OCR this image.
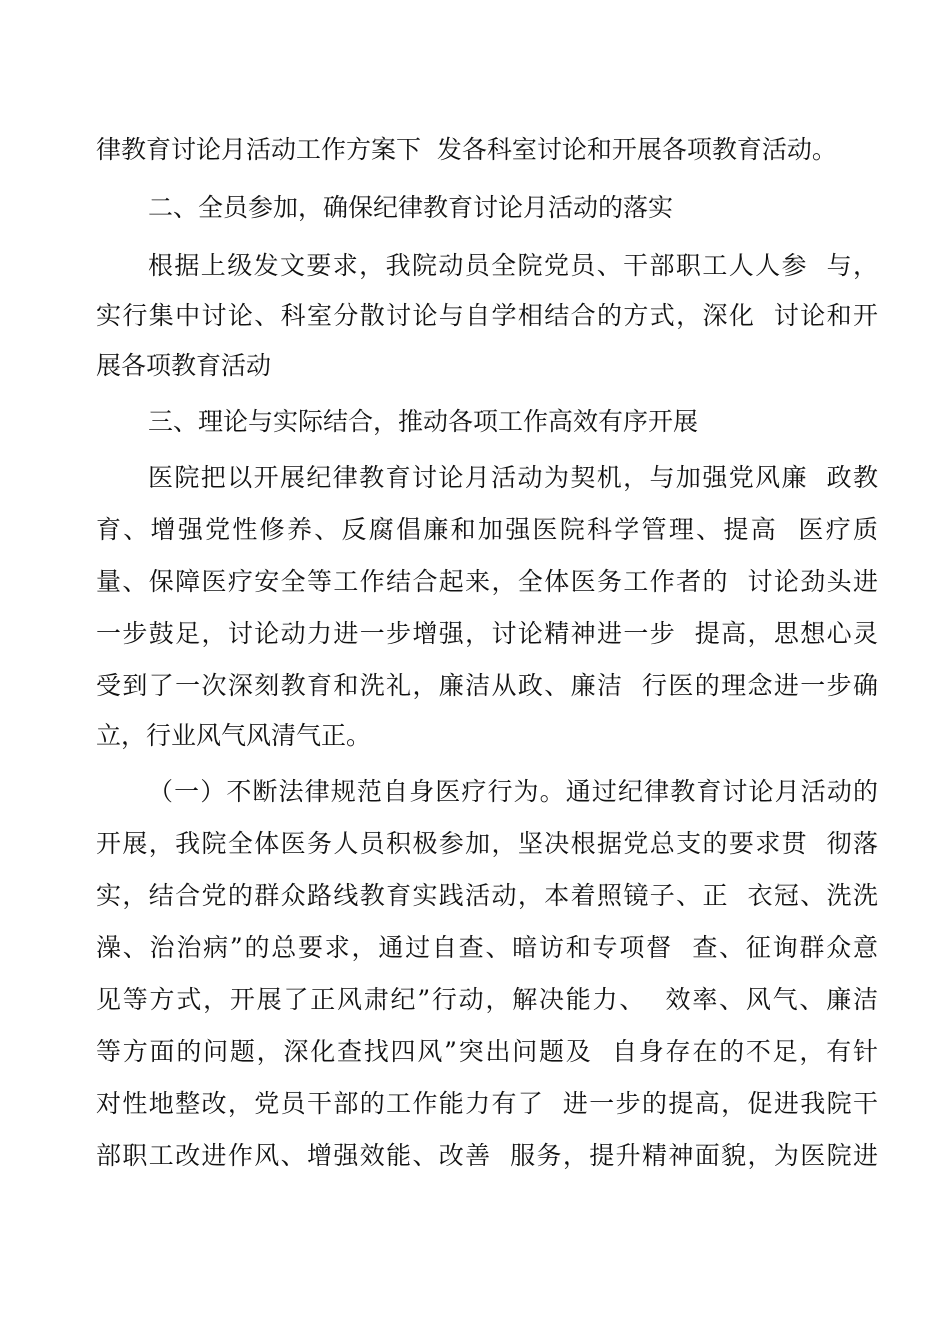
律教育讨论月活动工作方案下  发各科室讨论和开展各项教育活动。
二、全员参加，确保纪律教育讨论月活动的落实
根据上级发文要求，我院动员全院党员、干部职工人人参  与，
实行集中讨论、科室分散讨论与自学相结合的方式，深化  讨论和开
展各项教育活动
三、理论与实际结合，推动各项工作高效有序开展
医院把以开展纪律教育讨论月活动为契机，与加强党风廉  政教
育、增强党性修养、反腐倡廉和加强医院科学管理、提高  医疗质
量、保障医疗安全等工作结合起来，全体医务工作者的  讨论劲头进
一步鼓足，讨论动力进一步增强，讨论精神进一步  提高，思想心灵
受到了一次深刻教育和洗礼，廉洁从政、廉洁  行医的理念进一步确
立，行业风气风清气正。
（一）不断法律规范自身医疗行为。通过纪律教育讨论月活动的
开展，我院全体医务人员积极参加，坚决根据党总支的要求贯  彻落
实，结合党的群众路线教育实践活动，本着照镜子、正  衣冠、洗洗
澡、治治病”的总要求，通过自查、暗访和专项督  查、征询群众意
见等方式，开展了正风肃纪”行动，解决能力、  效率、风气、廉洁
等方面的问题，深化查找四风”突出问题及  自身存在的不足，有针
对性地整改，党员干部的工作能力有了  进一步的提高，促进我院干
部职工改进作风、增强效能、改善  服务，提升精神面貌，为医院进
